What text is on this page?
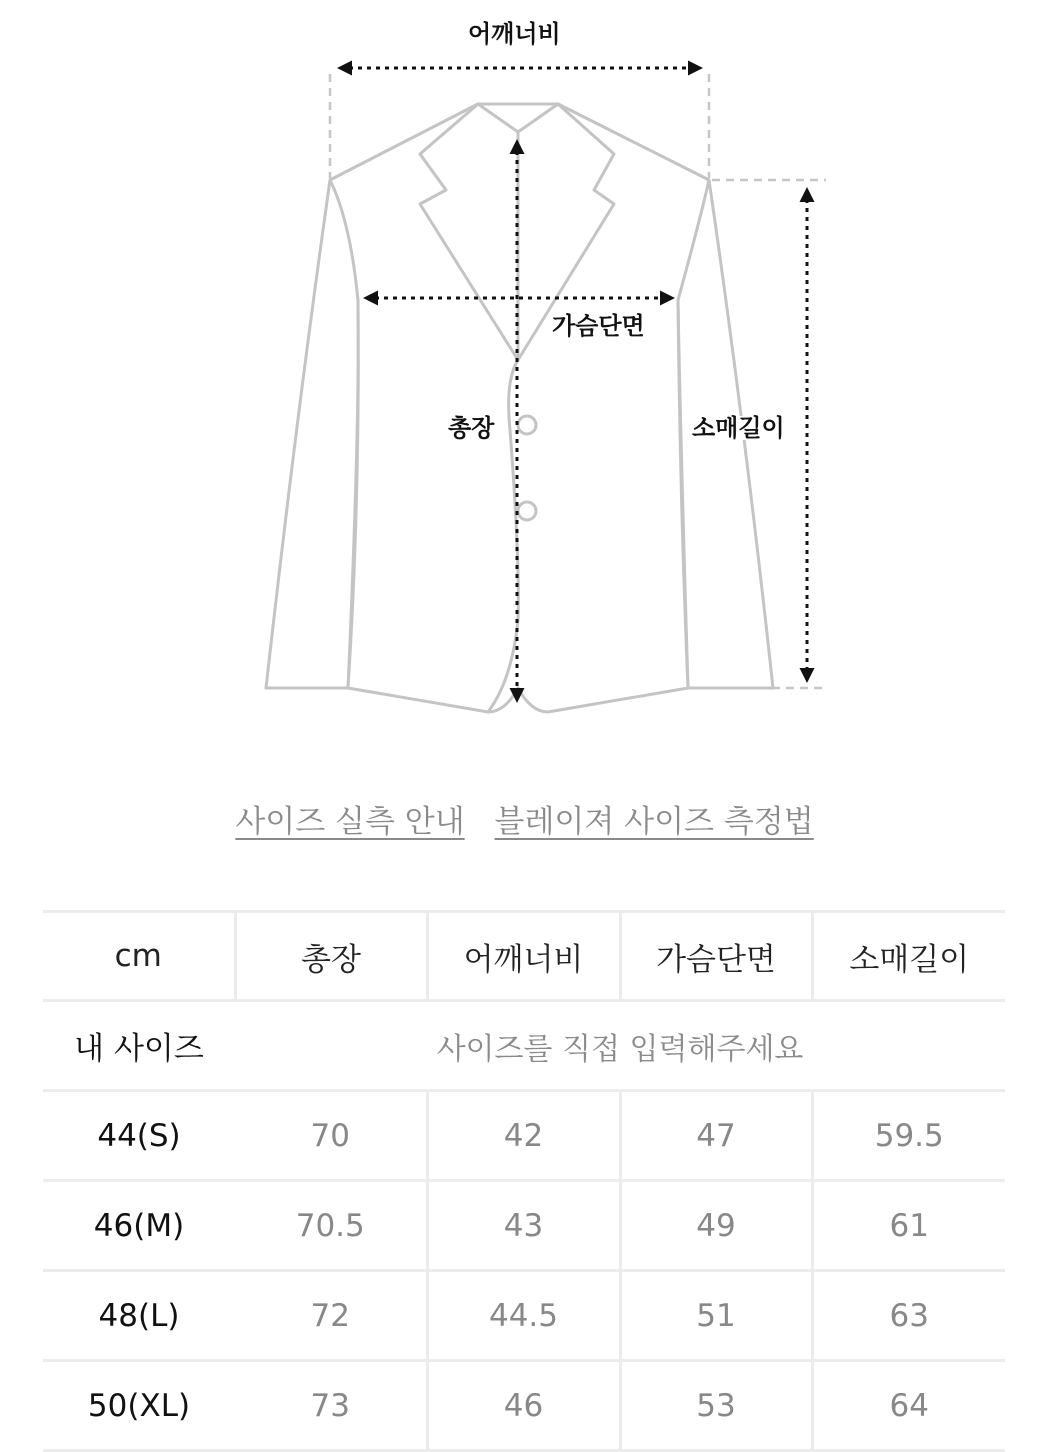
어깨너비
가슴단면
총장	소매길이
사이즈 실측 안내 블레이져 사이즈 측정법
cm	총장	어깨너비	가슴단면	소매길이
내 사이즈	사이즈를 직접 입력해주세요			
44(S)	70	42	47	59.5
46(M)	70.5	43	49	61
48(L)	72	44.5	51	63
50(XL)	73	46	53	64
